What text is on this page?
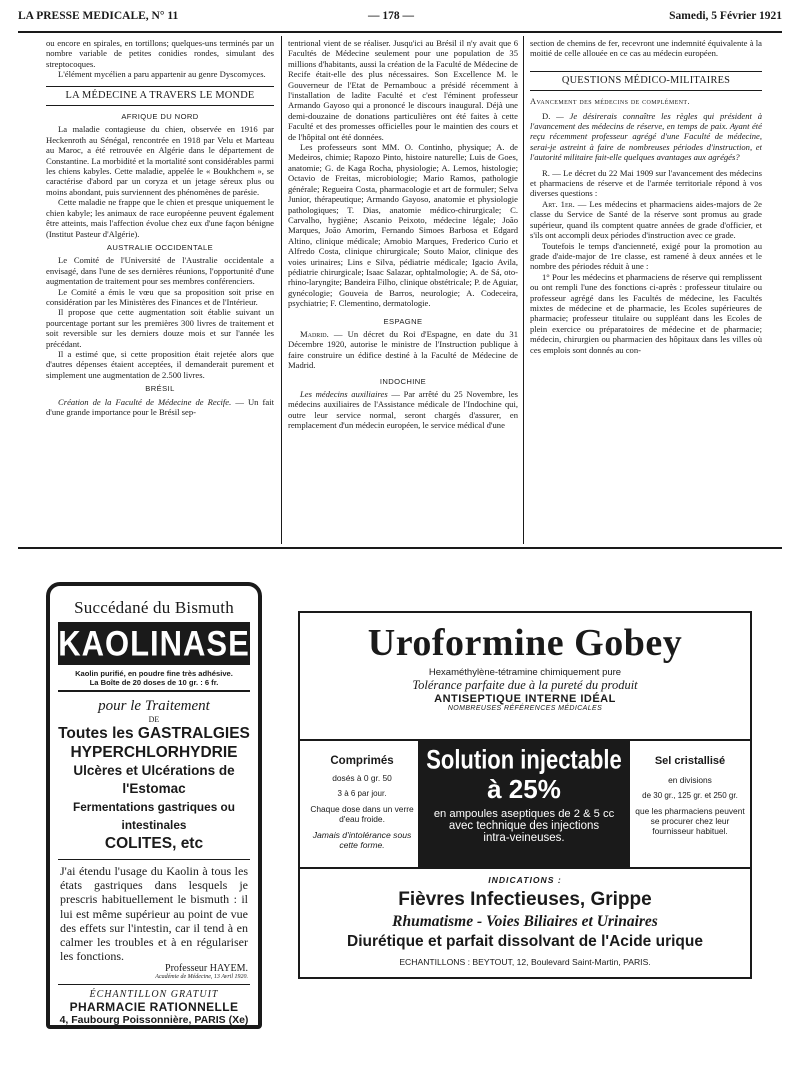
LA PRESSE MEDICALE, N° 11	— 178 —	Samedi, 5 Février 1921

ou encore en spirales, en tortillons; quelques-uns terminés par un nombre variable de petites conidies rondes, simulant des streptocoques.

L'élément mycélien a paru appartenir au genre Dyscomyces.

LA MÉDECINE A TRAVERS LE MONDE
AFRIQUE DU NORD

La maladie contagieuse du chien, observée en 1916 par Heckenroth au Sénégal, rencontrée en 1918 par Velu et Marteau au Maroc, a été retrouvée en Algérie dans le département de Constantine. La morbidité et la mortalité sont considérables parmi les chiens kabyles. Cette maladie, appelée le « Boukhchem », se caractérise d'abord par un coryza et un jetage séreux plus ou moins abondant, puis surviennent des phénomènes de parésie.

Cette maladie ne frappe que le chien et presque uniquement le chien kabyle; les animaux de race européenne peuvent également être atteints, mais l'affection évolue chez eux d'une façon bénigne (Institut Pasteur d'Algérie).

AUSTRALIE OCCIDENTALE

Le Comité de l'Université de l'Australie occidentale a envisagé, dans l'une de ses dernières réunions, l'opportunité d'une augmentation de traitement pour ses membres conférenciers.

Le Comité a émis le vœu que sa proposition soit prise en considération par les Ministères des Finances et de l'Intérieur.

Il propose que cette augmentation soit établie suivant un pourcentage portant sur les premières 300 livres de traitement et soit reversible sur les derniers douze mois et sur l'année les précédant.

Il a estimé que, si cette proposition était rejetée alors que d'autres dépenses étaient acceptées, il demanderait purement et simplement une augmentation de 2.500 livres.

BRÉSIL

Création de la Faculté de Médecine de Recife. — Un fait d'une grande importance pour le Brésil sep-

tentrional vient de se réaliser. Jusqu'ici au Brésil il n'y avait que 6 Facultés de Médecine seulement pour une population de 35 millions d'habitants, aussi la création de la Faculté de Médecine de Recife était-elle des plus nécessaires. Son Excellence M. le Gouverneur de l'Etat de Pernambouc a présidé récemment à l'installation de ladite Faculté et c'est l'éminent professeur Armando Gayoso qui a prononcé le discours inaugural. Déjà une demi-douzaine de donations particulières ont été faites à cette Faculté et des promesses officielles pour le maintien des cours et de l'hôpital ont été données.

Les professeurs sont MM. O. Continho, physique; A. de Medeiros, chimie; Rapozo Pinto, histoire naturelle; Luis de Goes, anatomie; G. de Kaga Rocha, physiologie; A. Lemos, histologie; Octavio de Freitas, microbiologie; Mario Ramos, pathologie générale; Regueira Costa, pharmacologie et art de formuler; Selva Junior, thérapeutique; Armando Gayoso, anatomie et physiologie pathologiques; T. Dias, anatomie médico-chirurgicale; C. Carvalho, hygiène; Ascanio Peixoto, médecine légale; João Marques, João Amorim, Fernando Simoes Barbosa et Edgard Altino, clinique médicale; Arnobio Marques, Frederico Curio et Alfredo Costa, clinique chirurgicale; Souto Maior, clinique des voies urinaires; Lins e Silva, pédiatrie médicale; Igacio Avila, pédiatrie chirurgicale; Isaac Salazar, ophtalmologie; A. de Sá, oto-rhino-laryngite; Bandeira Filho, clinique obstétricale; P. de Aguiar, gynécologie; Gouveia de Barros, neurologie; A. Codeceira, psychiatrie; F. Clementino, dermatologie.

ESPAGNE

Madrid. — Un décret du Roi d'Espagne, en date du 31 Décembre 1920, autorise le ministre de l'Instruction publique à faire construire un édifice destiné à la Faculté de Médecine de Madrid.

INDOCHINE

Les médecins auxiliaires — Par arrêté du 25 Novembre, les médecins auxiliaires de l'Assistance médicale de l'Indochine qui, outre leur service normal, seront chargés d'assurer, en remplacement d'un médecin européen, le service médical d'une

section de chemins de fer, recevront une indemnité équivalente à la moitié de celle allouée en ce cas au médecin européen.

QUESTIONS MÉDICO-MILITAIRES
Avancement des médecins de complément.

D. — Je désirerais connaître les règles qui président à l'avancement des médecins de réserve, en temps de paix. Ayant été reçu récemment professeur agrégé d'une Faculté de médecine, serai-je astreint à faire de nombreuses périodes d'instruction, et l'autorité militaire fait-elle quelques avantages aux agrégés?

R. — Le décret du 22 Mai 1909 sur l'avancement des médecins et pharmaciens de réserve et de l'armée territoriale répond à vos diverses questions :

Art. 1er. — Les médecins et pharmaciens aides-majors de 2e classe du Service de Santé de la réserve sont promus au grade supérieur, quand ils comptent quatre années de grade d'officier, et s'ils ont accompli deux périodes d'instruction avec ce grade.

Toutefois le temps d'ancienneté, exigé pour la promotion au grade d'aide-major de 1re classe, est ramené à deux années et le nombre des périodes réduit à une :

1° Pour les médecins et pharmaciens de réserve qui remplissent ou ont rempli l'une des fonctions ci-après : professeur titulaire ou professeur agrégé dans les Facultés de médecine, les Facultés mixtes de médecine et de pharmacie, les Ecoles supérieures de pharmacie; professeur titulaire ou suppléant dans les Ecoles de plein exercice ou préparatoires de médecine et de pharmacie; médecin, chirurgien ou pharmacien des hôpitaux dans les villes où ces emplois sont donnés au con-

Succédané du Bismuth
KAOLINASE
Kaolin purifié, en poudre fine très adhésive.
La Boîte de 20 doses de 10 gr. : 6 fr.
pour le Traitement
DE
Toutes les GASTRALGIES
HYPERCHLORHYDRIE
Ulcères et Ulcérations de l'Estomac
Fermentations gastriques ou intestinales
COLITES, etc
J'ai étendu l'usage du Kaolin à tous les états gastriques dans lesquels je prescris habituellement le bismuth : il lui est même supérieur au point de vue des effets sur l'intestin, car il tend à en calmer les troubles et à en régulariser les fonctions.
Professeur HAYEM.
Académie de Médecine, 13 Avril 1920.
ÉCHANTILLON GRATUIT
PHARMACIE RATIONNELLE
4, Faubourg Poissonnière, PARIS (Xe)
Uroformine Gobey
Hexaméthylène-tétramine chimiquement pure
Tolérance parfaite due à la pureté du produit
ANTISEPTIQUE INTERNE IDÉAL
NOMBREUSES RÉFÉRENCES MÉDICALES
Comprimés
dosés à 0 gr. 50
3 à 6 par jour.
Chaque dose dans un verre d'eau froide.
Jamais d'intolérance sous cette forme.
Solution injectable
à 25%
en ampoules aseptiques de 2 & 5 cc
avec technique des injections
intra-veineuses.
Sel cristallisé
en divisions
de 30 gr., 125 gr. et 250 gr.
que les pharmaciens peuvent se procurer chez leur fournisseur habituel.
INDICATIONS :
Fièvres Infectieuses, Grippe
Rhumatisme - Voies Biliaires et Urinaires
Diurétique et parfait dissolvant de l'Acide urique
ECHANTILLONS : BEYTOUT, 12, Boulevard Saint-Martin, PARIS.
